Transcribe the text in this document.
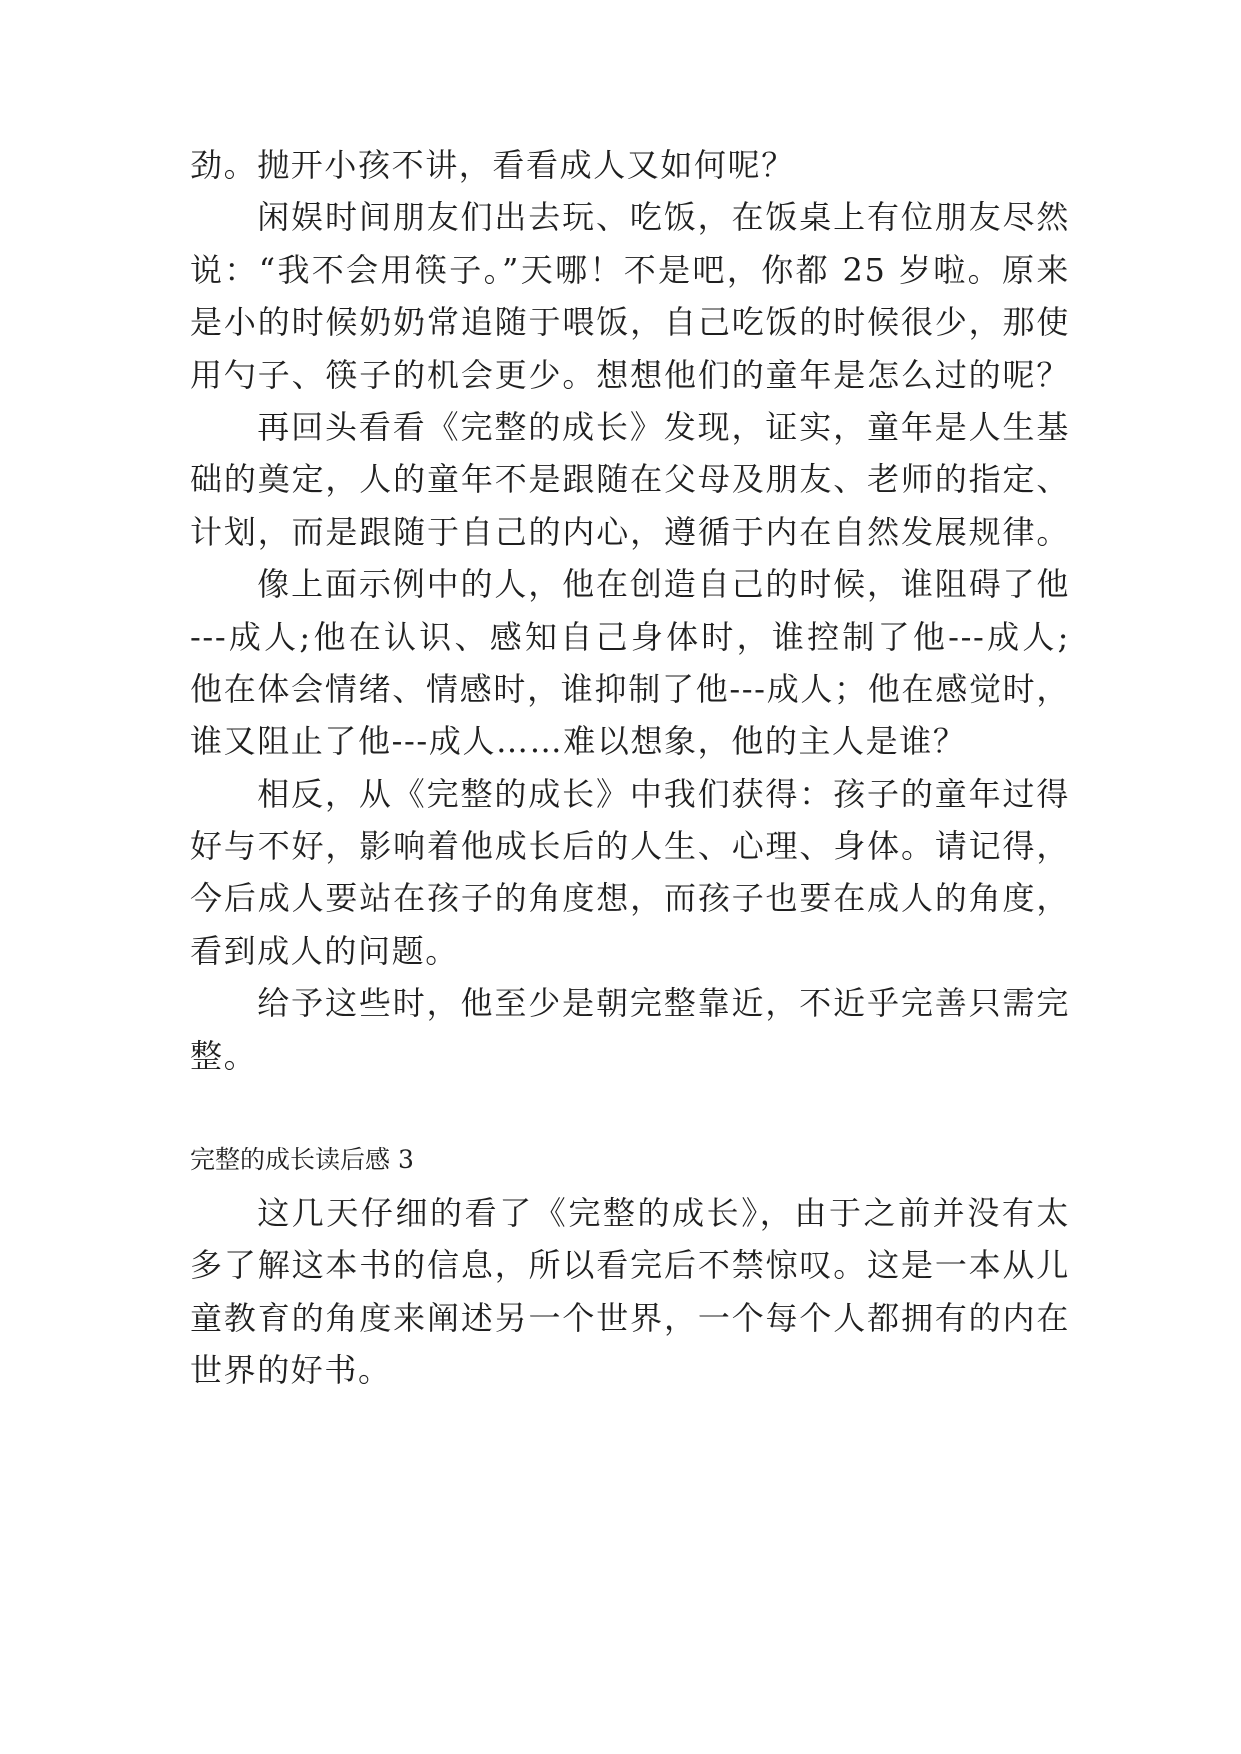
劲。抛开小孩不讲，看看成人又如何呢？
闲娱时间朋友们出去玩、吃饭，在饭桌上有位朋友尽然
说：“我不会用筷子。”天哪！不是吧，你都 25 岁啦。原来
是小的时候奶奶常追随于喂饭，自己吃饭的时候很少，那使
用勺子、筷子的机会更少。想想他们的童年是怎么过的呢？
再回头看看《完整的成长》发现，证实，童年是人生基
础的奠定，人的童年不是跟随在父母及朋友、老师的指定、
计划，而是跟随于自己的内心，遵循于内在自然发展规律。
像上面示例中的人，他在创造自己的时候，谁阻碍了他
---成人;他在认识、感知自己身体时，谁控制了他---成人;
他在体会情绪、情感时，谁抑制了他---成人；他在感觉时，
谁又阻止了他---成人……难以想象，他的主人是谁？
相反，从《完整的成长》中我们获得：孩子的童年过得
好与不好，影响着他成长后的人生、心理、身体。请记得，
今后成人要站在孩子的角度想，而孩子也要在成人的角度，
看到成人的问题。
给予这些时，他至少是朝完整靠近，不近乎完善只需完
整。
完整的成长读后感 3
这几天仔细的看了《完整的成长》，由于之前并没有太
多了解这本书的信息，所以看完后不禁惊叹。这是一本从儿
童教育的角度来阐述另一个世界，一个每个人都拥有的内在
世界的好书。
